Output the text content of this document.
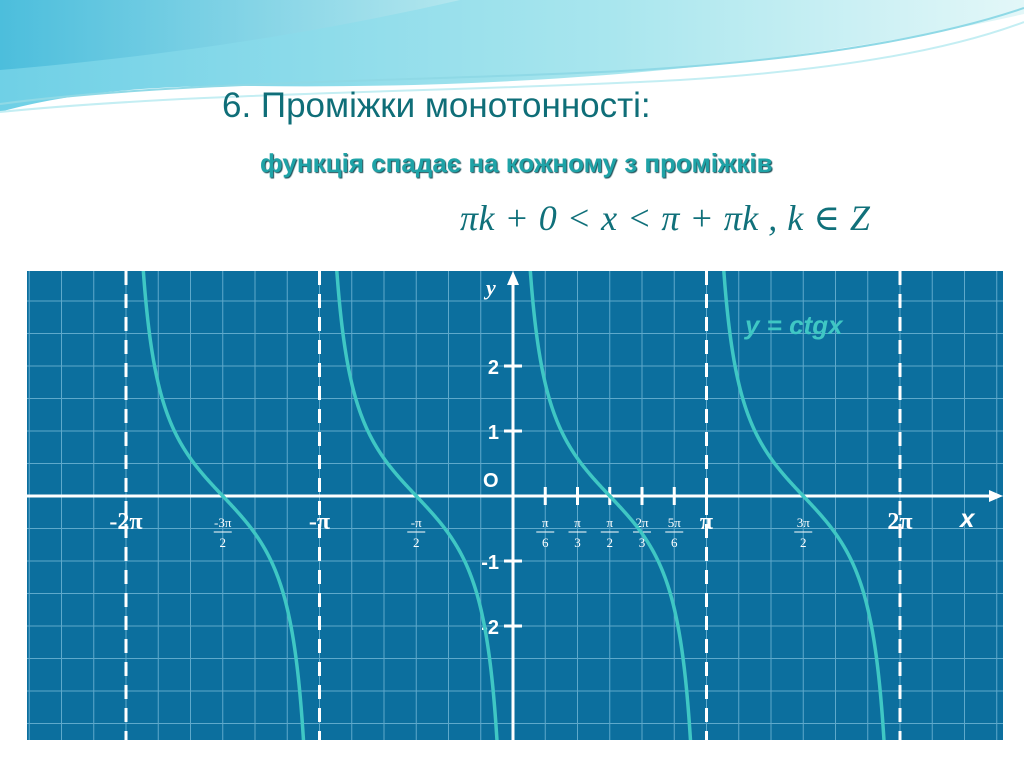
6. Проміжки монотонності:
функція спадає на кожному з проміжків
πk + 0 < x < π + πk , k ∈ Z
2
1
-1
-2
-2π	-π	π	2π
-3π
2
-π
2
π
6
π
3
π
2
2π
3
5π
6
3π
2
x
y
O
y = ctgx
